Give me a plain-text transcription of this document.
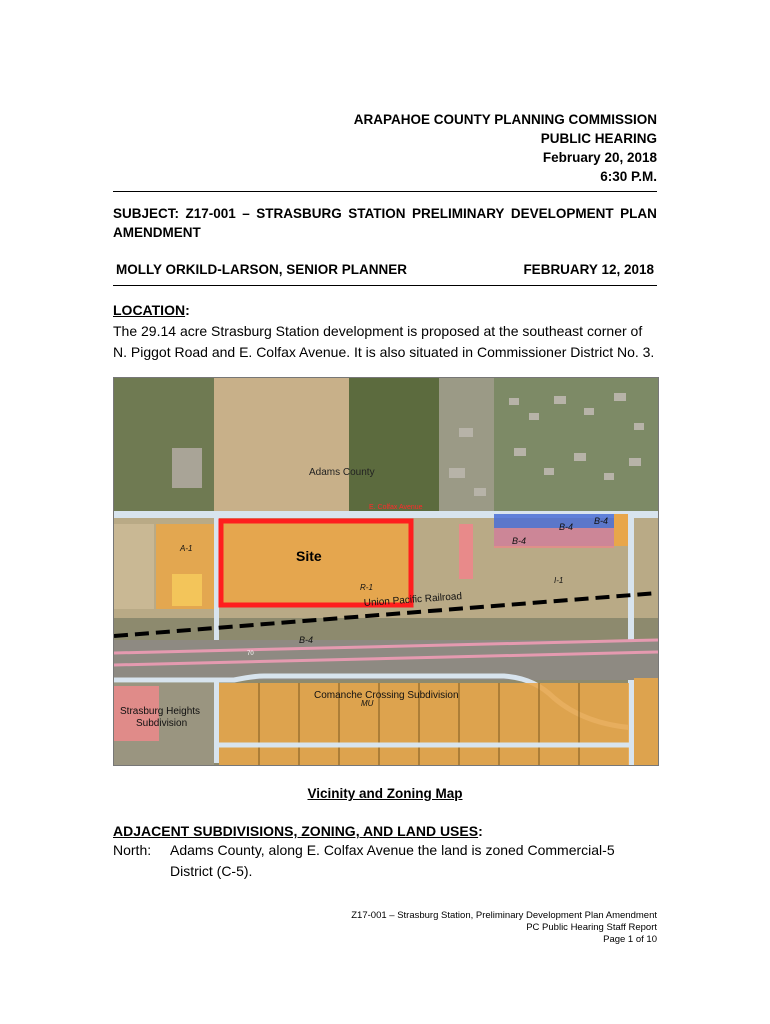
ARAPAHOE COUNTY PLANNING COMMISSION
PUBLIC HEARING
February 20, 2018
6:30 P.M.
SUBJECT: Z17-001 – STRASBURG STATION PRELIMINARY DEVELOPMENT PLAN
AMENDMENT
MOLLY ORKILD-LARSON, SENIOR PLANNER	FEBRUARY 12, 2018
LOCATION:
The 29.14 acre Strasburg Station development is proposed at the southeast corner of N. Piggot Road and E. Colfax Avenue. It is also situated in Commissioner District No. 3.
Adams County
E. Colfax Avenue
Site
Union Pacific Railroad
Comanche Crossing Subdivision
Strasburg Heights
Subdivision
B-4
B-4
B-4
B-4
A-1
I-1
MU
R-1
70
Vicinity and Zoning Map
ADJACENT SUBDIVISIONS, ZONING, AND LAND USES:
North: Adams County, along E. Colfax Avenue the land is zoned Commercial-5 District (C-5).
Z17-001 – Strasburg Station, Preliminary Development Plan Amendment
PC Public Hearing Staff Report
Page 1 of 10
